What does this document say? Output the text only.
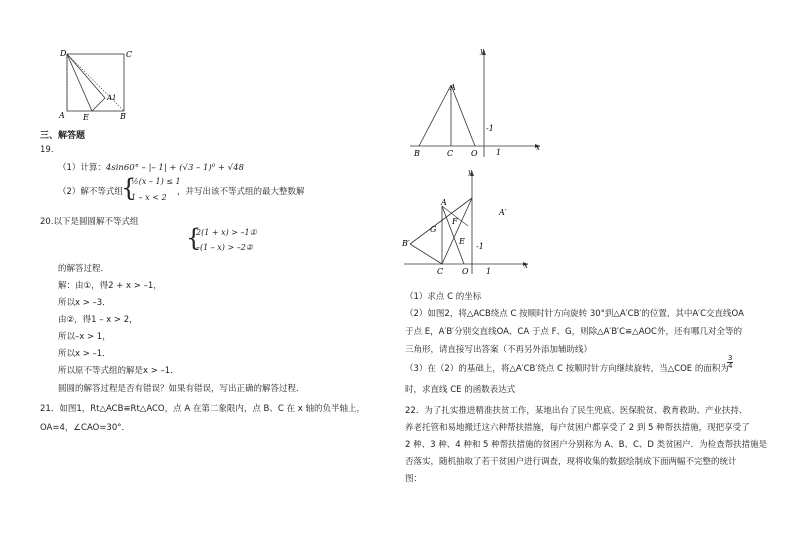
D	C
A E	B
A1
三、解答题
19.
（1）计算：4sin60° – |– 1| + (√3 – 1)⁰ + √48
（2）解不等式组
{
½(x – 1) ≤ 1
1 – x < 2
，并写出该不等式组的最大整数解
20.以下是圆圆解不等式组
{
2(1 + x) > –1①
–(1 – x) > –2②
的解答过程．
解：由①，得2 + x > –1，
所以x > –3．
由②，得1 – x > 2，
所以–x > 1，
所以x > –1．
所以原不等式组的解是x > –1．
圆圆的解答过程是否有错误？如果有错误，写出正确的解答过程．
21．如图1，Rt△ACB≌Rt△ACO，点 A 在第二象限内，点 B、C 在 x 轴的负半轴上，
OA=4，∠CAO=30°．
y
x
A
B	C O 1
-1
y
x
A
A′
B′
G
F
E
C O 1
-1
（1）求点 C 的坐标
（2）如图2，将△ACB绕点 C 按顺时针方向旋转 30°到△A′CB′的位置，其中A′C交直线OA
于点 E，A′B′分别交直线OA、CA 于点 F、G，则除△A′B′C≌△AOC外，还有哪几对全等的
三角形，请直接写出答案（不再另外添加辅助线）
（3）在（2）的基础上，将△A′CB′绕点 C 按顺时针方向继续旋转，当△COE 的面积为
$\frac{3}{4}$
时，求直线 CE 的函数表达式
22．为了扎实推进精准扶贫工作，某地出台了民生兜底、医保脱贫、教育救助、产业扶持、
养老托管和易地搬迁这六种帮扶措施，每户贫困户都享受了 2 到 5 种帮扶措施，现把享受了
2 种、3 种、4 种和 5 种帮扶措施的贫困户分别称为 A、B、C、D 类贫困户．为检查帮扶措施是
否落实，随机抽取了若干贫困户进行调查，现将收集的数据绘制成下面两幅不完整的统计
图：
